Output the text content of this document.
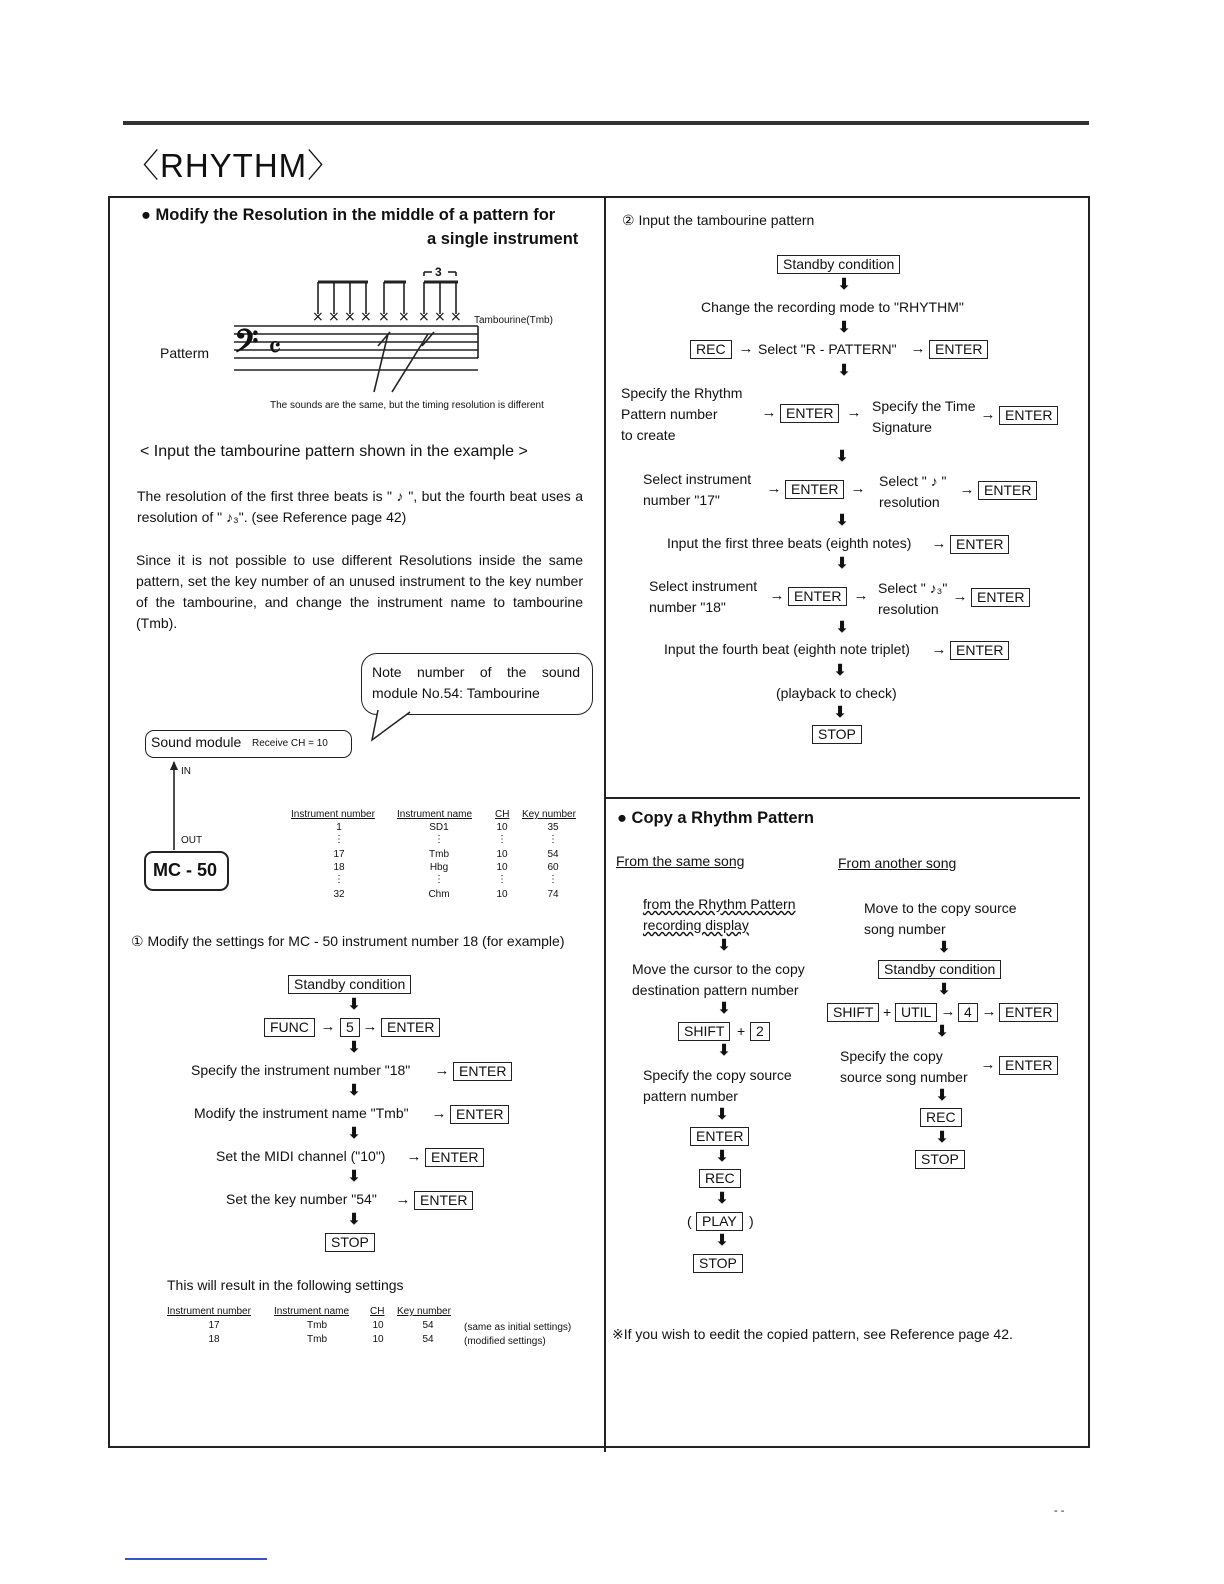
〈RHYTHM〉
● Modify the Resolution in the middle of a pattern for
a single instrument
× × × × × × × × ×
𝄢 𝄴
3
Tambourine(Tmb)
Patterm
The sounds are the same, but the timing resolution is different
< Input the tambourine pattern shown in the example >
The resolution of the first three beats is " ♪ ", but the fourth beat uses a resolution of " ♪₃". (see Reference page 42)
Since it is not possible to use different Resolutions inside the same pattern, set the key number of an unused instrument to the key number of the tambourine, and change the instrument name to tambourine (Tmb).
Note number of the sound
module No.54: Tambourine
Sound module Receive CH = 10
IN
OUT
MC - 50
Instrument number Instrument name CH Key number
1	SD1	10	35
⋮	⋮	⋮	⋮
17	Tmb	10	54
18	Hbg	10	60
⋮	⋮	⋮	⋮
32	Chm	10	74
① Modify the settings for MC - 50 instrument number 18 (for example)
Standby condition
⬇
FUNC → 5 → ENTER
⬇
Specify the instrument number "18" → ENTER
⬇
Modify the instrument name "Tmb" → ENTER
⬇
Set the MIDI channel ("10") → ENTER
⬇
Set the key number "54" → ENTER
⬇
STOP
This will result in the following settings
Instrument number Instrument name CH Key number
17	Tmb	10	54	(same as initial settings)
18	Tmb	10	54	(modified settings)
② Input the tambourine pattern
Standby condition
⬇
Change the recording mode to "RHYTHM"
⬇
REC → Select "R - PATTERN" → ENTER
⬇
Specify the Rhythm
Pattern number
to create
→ ENTER → Specify the Time
Signature
→ ENTER
⬇
Select instrument
number "17"
→ ENTER → Select " ♪ "
resolution
→ ENTER
⬇
Input the first three beats (eighth notes) → ENTER
⬇
Select instrument
number "18"
→ ENTER → Select " ♪₃"
resolution
→ ENTER
⬇
Input the fourth beat (eighth note triplet) → ENTER
⬇
(playback to check)
⬇
STOP
● Copy a Rhythm Pattern
From the same song	From another song
from the Rhythm Pattern
recording display
⬇
Move the cursor to the copy
destination pattern number
⬇
SHIFT + 2
⬇
Specify the copy source
pattern number
⬇
ENTER
⬇
REC
⬇
( PLAY )
⬇
STOP
Move to the copy source
song number
⬇
Standby condition
⬇
SHIFT + UTIL → 4 → ENTER
⬇
Specify the copy
source song number
→ ENTER
⬇
REC
⬇
STOP
※If you wish to eedit the copied pattern, see Reference page 42.
- -
